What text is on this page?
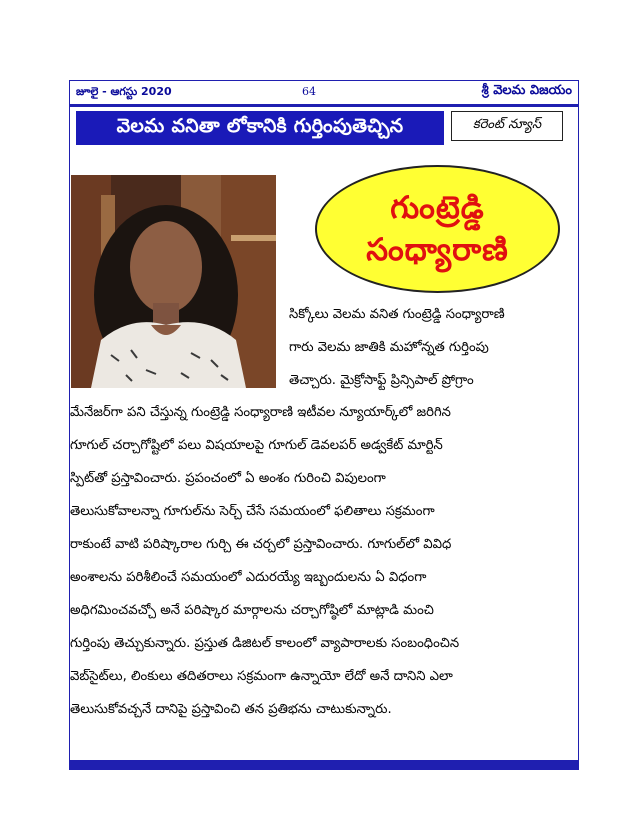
జూలై - ఆగస్టు 2020	64	శ్రీ వెలమ విజయం
వెలమ వనితా లోకానికి గుర్తింపుతెచ్చిన	కరెంట్ న్యూస్
గుంట్రెడ్డి
సంధ్యారాణి
సిక్కోలు వెలమ వనిత గుంట్రెడ్డి సంధ్యారాణి
గారు వెలమ జాతికి మహోన్నత గుర్తింపు
తెచ్చారు. మైక్రోసాఫ్ట్ ప్రిన్సిపాల్ ప్రోగ్రాం
మేనేజర్‌గా పని చేస్తున్న గుంట్రెడ్డి సంధ్యారాణి ఇటీవల న్యూయార్క్‌లో జరిగిన
గూగుల్ చర్చాగోష్టిలో పలు విషయాలపై గూగుల్ డెవలపర్ అడ్వకేట్ మార్టిన్
స్పిట్‌తో ప్రస్తావించారు. ప్రపంచంలో ఏ అంశం గురించి విపులంగా
తెలుసుకోవాలన్నా గూగుల్‌ను సెర్చ్ చేసే సమయంలో ఫలితాలు సక్రమంగా
రాకుంటే వాటి పరిష్కారాల గుర్చి ఈ చర్చలో ప్రస్తావించారు. గూగుల్‌లో వివిధ
అంశాలను పరిశీలించే సమయంలో ఎదురయ్యే ఇబ్బందులను ఏ విధంగా
అధిగమించవచ్చో అనే పరిష్కార మార్గాలను చర్చాగోష్ఠిలో మాట్లాడి మంచి
గుర్తింపు తెచ్చుకున్నారు. ప్రస్తుత డిజిటల్ కాలంలో వ్యాపారాలకు సంబంధించిన
వెబ్‌సైట్‌లు, లింకులు తదితరాలు సక్రమంగా ఉన్నాయో లేదో అనే దానిని ఎలా
తెలుసుకోవచ్చనే దానిపై ప్రస్తావించి తన ప్రతిభను చాటుకున్నారు.
